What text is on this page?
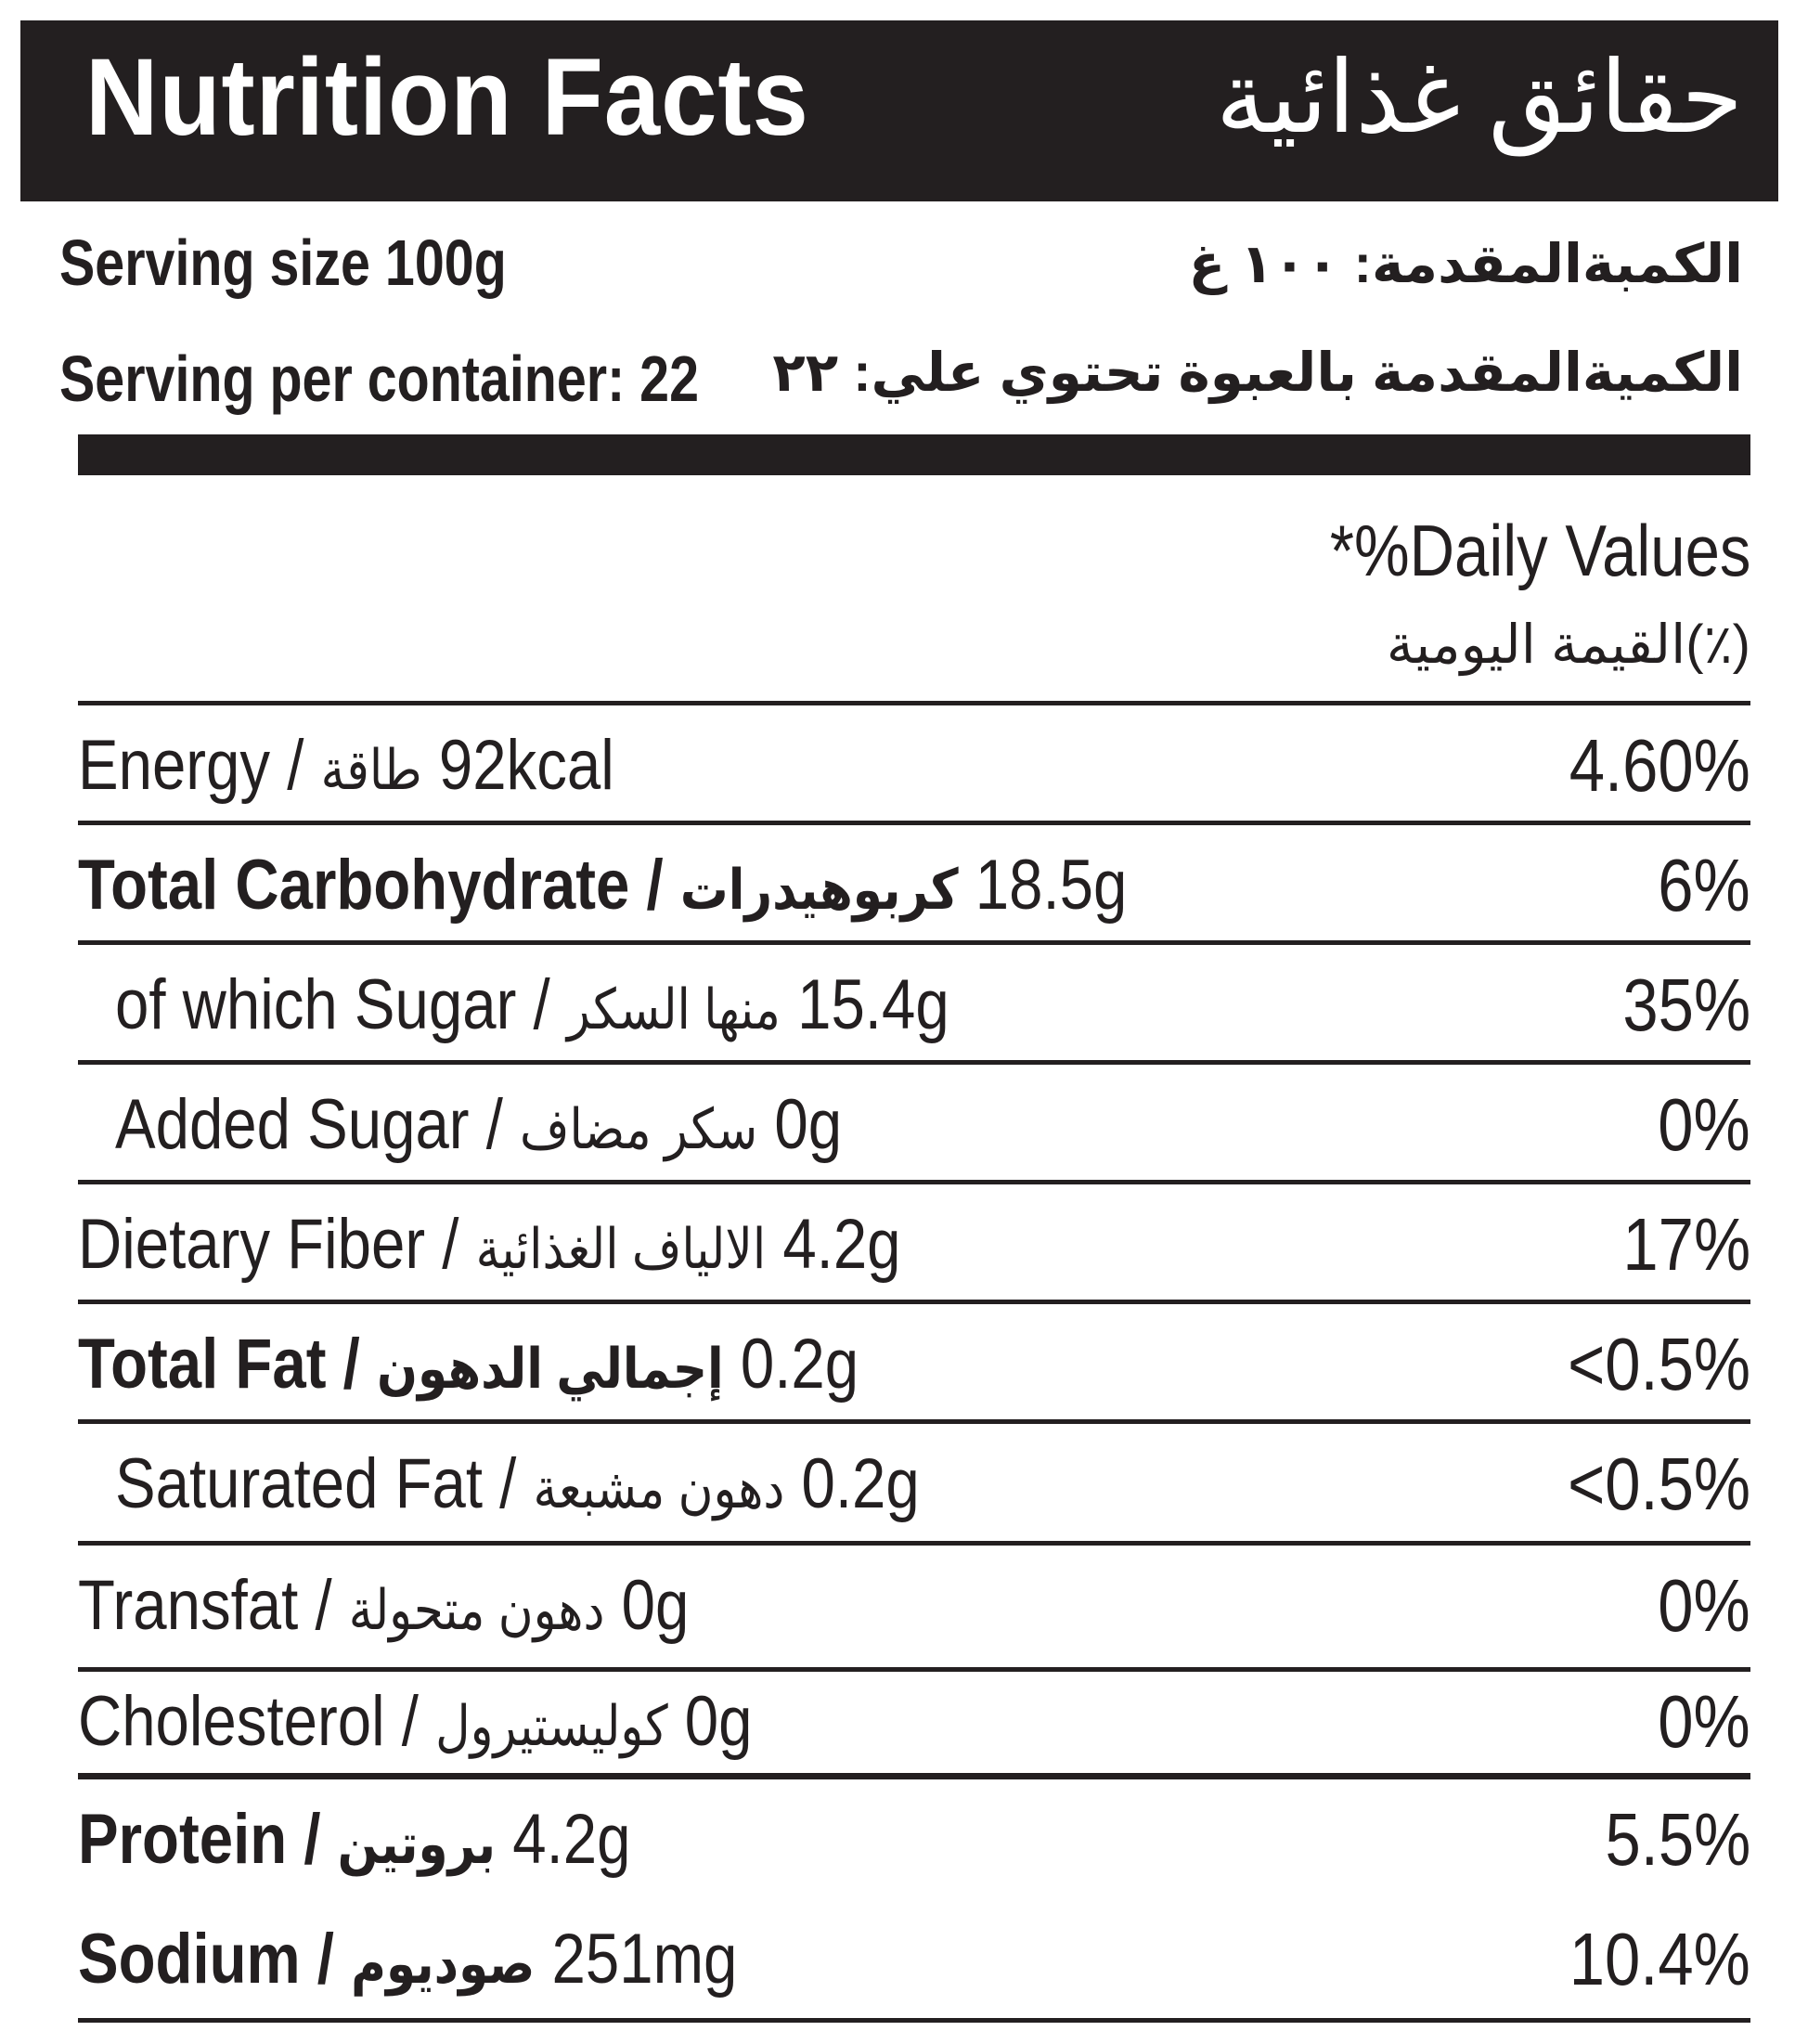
Nutrition Facts	حقائق غذائية
Serving size 100g	الكمبةالمقدمة: ١٠٠ غ
Serving per container: 22 الكميةالمقدمة بالعبوة تحتوي علي: ٢٢
*%Daily Values
(٪)القيمة اليومية
Energy / طاقة 92kcal	4.60%
Total Carbohydrate / كربوهيدرات 18.5g	6%
of which Sugar / منها السكر 15.4g	35%
Added Sugar / سكر مضاف 0g	0%
Dietary Fiber / الالياف الغذائية 4.2g	17%
Total Fat / إجمالي الدهون 0.2g	<0.5%
Saturated Fat / دهون مشبعة 0.2g	<0.5%
Transfat / دهون متحولة 0g	0%
Cholesterol / كوليستيرول 0g	0%
Protein / بروتين 4.2g	5.5%
Sodium / صوديوم 251mg	10.4%
